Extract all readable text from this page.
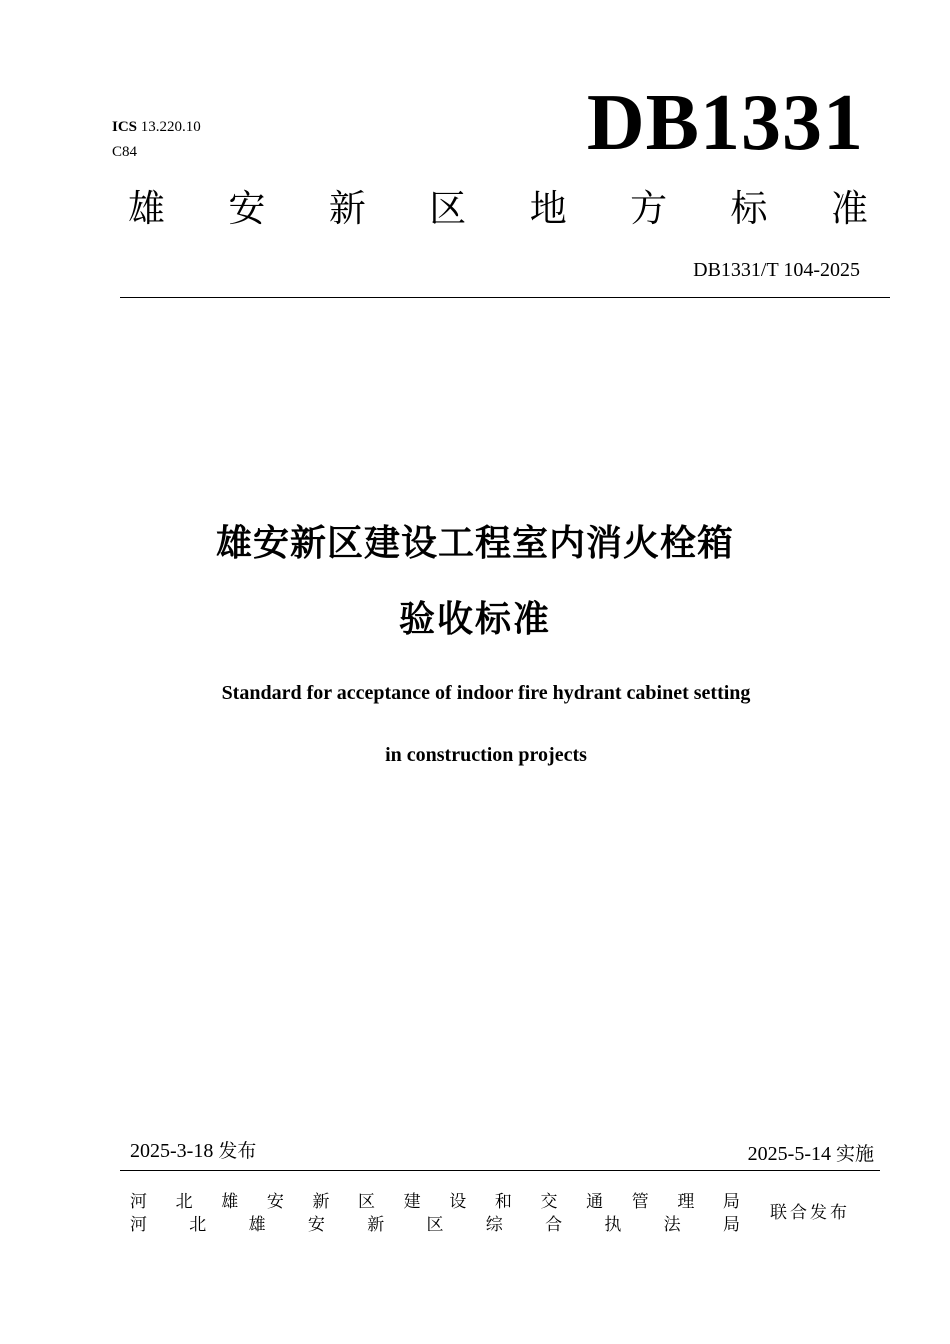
ICS 13.220.10
C84	DB1331
雄 安 新 区 地 方 标 准
DB1331/T 104-2025
雄安新区建设工程室内消火栓箱
验收标准
Standard for acceptance of indoor fire hydrant cabinet setting
in construction projects
2025-3-18 发布	2025-5-14 实施
河 北 雄 安 新 区 建 设 和 交 通 管 理 局
河 北 雄 安 新 区 综 合 执 法 局
联合发布
